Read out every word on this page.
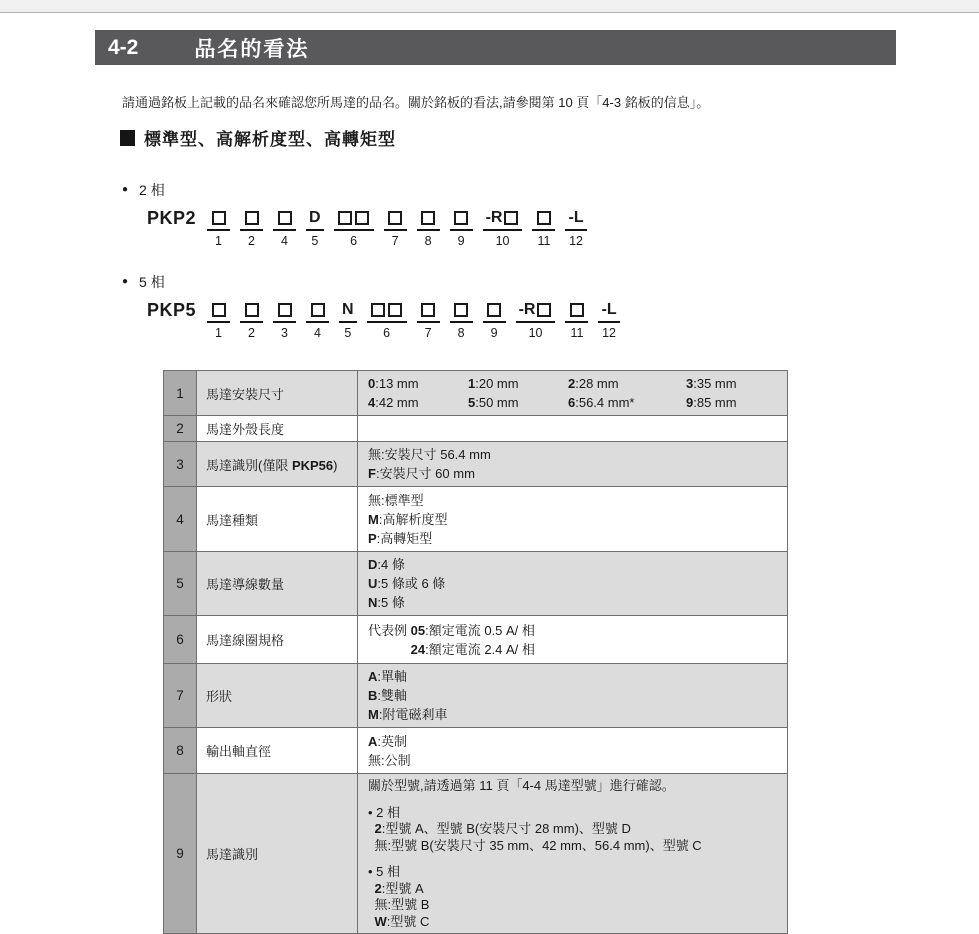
4-2	品名的看法
請通過銘板上記載的品名來確認您所馬達的品名。關於銘板的看法,請參閱第 10 頁「4-3 銘板的信息」。
標準型、高解析度型、高轉矩型
● 2 相
PKP2
1	2	4
D
5	6	7	8	9
-R
10	11
-L
12
● 5 相
PKP5
1	2	3	4
N
5	6	7	8	9
-R
10	11
-L
12
1	馬達安裝尺寸	
0:13 mm	1:20 mm	2:28 mm	3:35 mm
4:42 mm	5:50 mm	6:56.4 mm*	9:85 mm

2	馬達外殼長度	
3	馬達識別(僅限 PKP56)	無:安裝尺寸 56.4 mm
F:安裝尺寸 60 mm

4	馬達種類	無:標準型
M:高解析度型
P:高轉矩型

5	馬達導線數量	D:4 條
U:5 條或 6 條
N:5 條

6	馬達線圈規格	代表例 05:額定電流 0.5 A/ 相
　　　 24:額定電流 2.4 A/ 相

7	形狀	A:單軸
B:雙軸
M:附電磁剎車

8	輸出軸直徑	A:英制
無:公制

9	馬達識別	
關於型號,請透過第 11 頁「4-4 馬達型號」進行確認。
• 2 相
 2:型號 A、型號 B(安裝尺寸 28 mm)、型號 D
 無:型號 B(安裝尺寸 35 mm、42 mm、56.4 mm)、型號 C
• 5 相
 2:型號 A
 無:型號 B
 W:型號 C
